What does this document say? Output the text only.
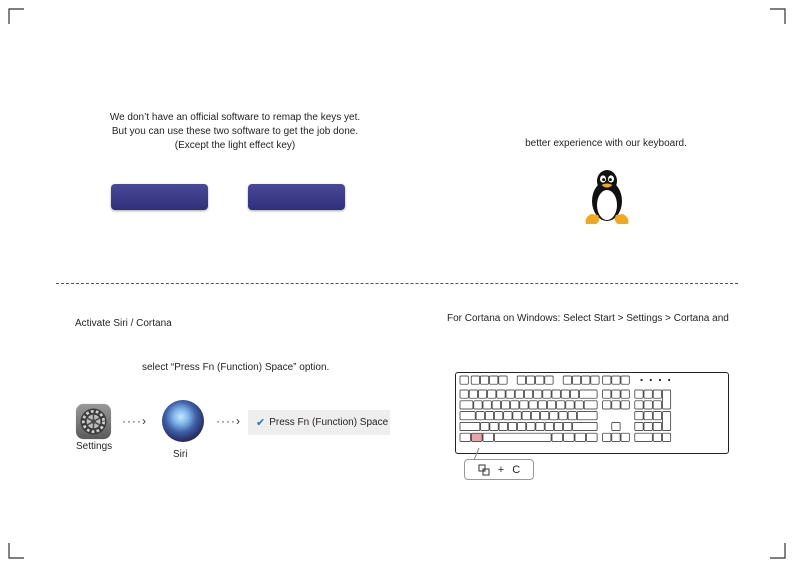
We don’t have an official software to remap the keys yet.
But you can use these two software to get the job done.
(Except the light effect key)	better experience with our keyboard.
Activate Siri / Cortana
select “Press Fn (Function) Space” option.
Settings
····›
Siri
····› ✔ Press Fn (Function) Space
For Cortana on Windows: Select Start > Settings > Cortana and
+ C
